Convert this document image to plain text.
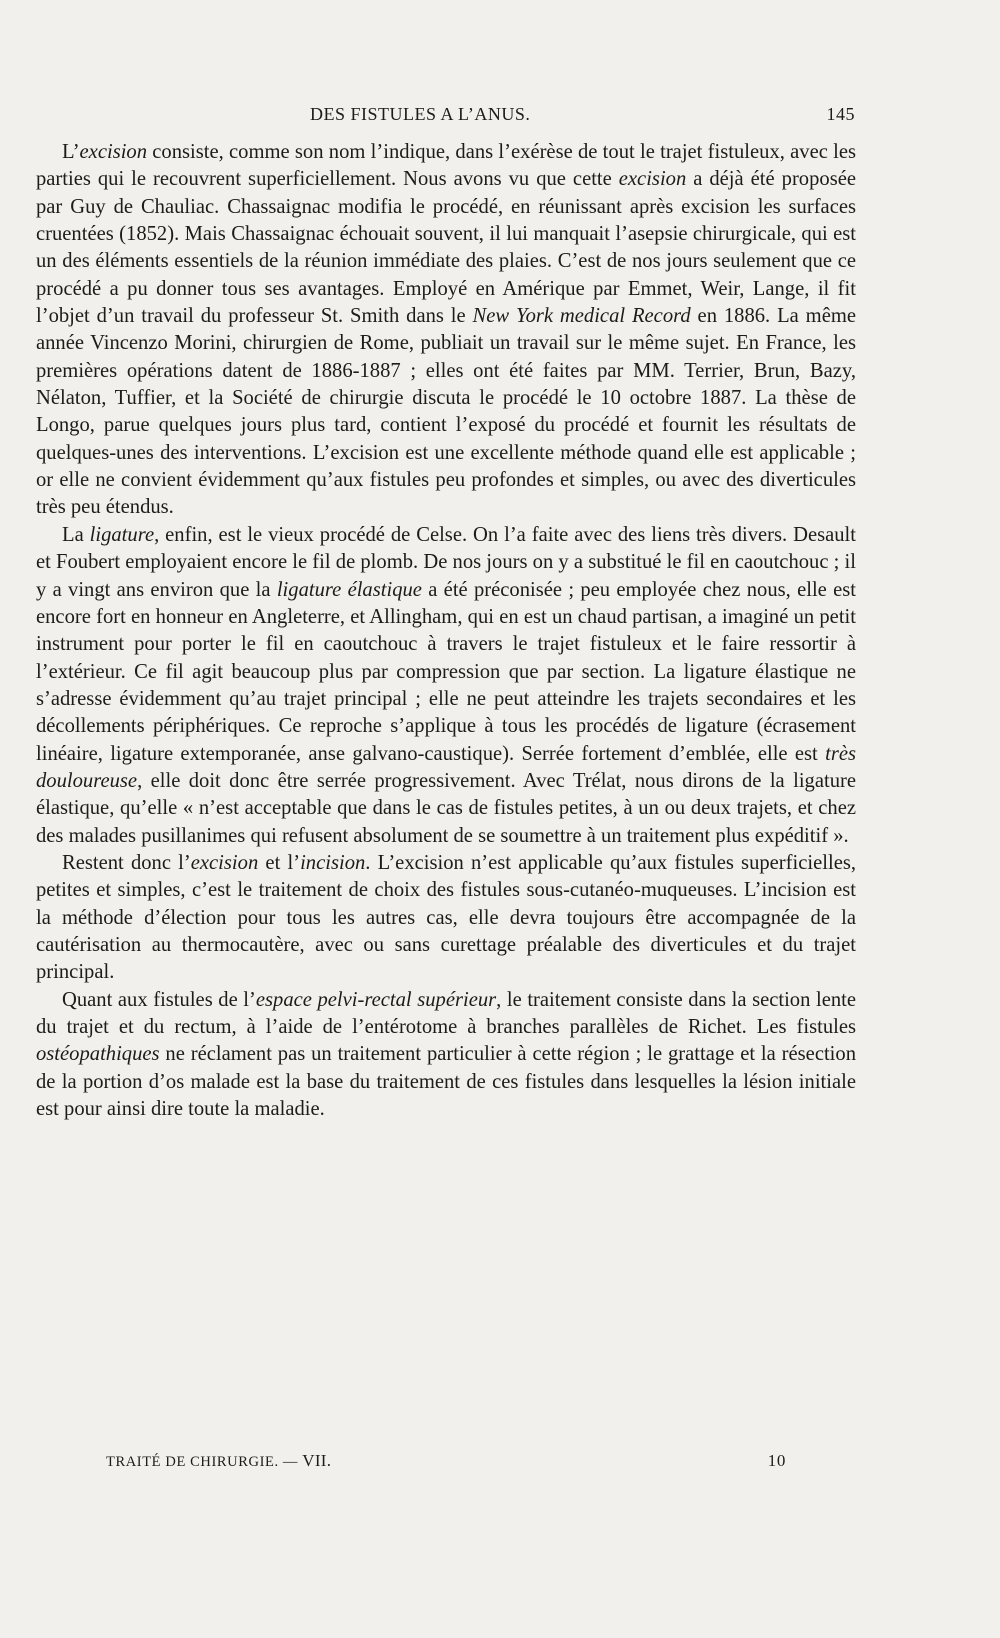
DES FISTULES A L’ANUS.	145

L’excision consiste, comme son nom l’indique, dans l’exérèse de tout le trajet fistuleux, avec les parties qui le recouvrent superficiellement. Nous avons vu que cette excision a déjà été proposée par Guy de Chauliac. Chassaignac modifia le procédé, en réunissant après excision les surfaces cruentées (1852). Mais Chassaignac échouait souvent, il lui manquait l’asepsie chirurgicale, qui est un des éléments essentiels de la réunion immédiate des plaies. C’est de nos jours seulement que ce procédé a pu donner tous ses avantages. Employé en Amérique par Emmet, Weir, Lange, il fit l’objet d’un travail du professeur St. Smith dans le New York medical Record en 1886. La même année Vincenzo Morini, chirurgien de Rome, publiait un travail sur le même sujet. En France, les premières opérations datent de 1886-1887 ; elles ont été faites par MM. Terrier, Brun, Bazy, Nélaton, Tuffier, et la Société de chirurgie discuta le procédé le 10 octobre 1887. La thèse de Longo, parue quelques jours plus tard, contient l’exposé du procédé et fournit les résultats de quelques-unes des interventions. L’excision est une excellente méthode quand elle est applicable ; or elle ne convient évidemment qu’aux fistules peu profondes et simples, ou avec des diverticules très peu étendus.

La ligature, enfin, est le vieux procédé de Celse. On l’a faite avec des liens très divers. Desault et Foubert employaient encore le fil de plomb. De nos jours on y a substitué le fil en caoutchouc ; il y a vingt ans environ que la ligature élastique a été préconisée ; peu employée chez nous, elle est encore fort en honneur en Angleterre, et Allingham, qui en est un chaud partisan, a imaginé un petit instrument pour porter le fil en caoutchouc à travers le trajet fistuleux et le faire ressortir à l’extérieur. Ce fil agit beaucoup plus par compression que par section. La ligature élastique ne s’adresse évidemment qu’au trajet principal ; elle ne peut atteindre les trajets secondaires et les décollements périphériques. Ce reproche s’applique à tous les procédés de ligature (écrasement linéaire, ligature extemporanée, anse galvano-caustique). Serrée fortement d’emblée, elle est très douloureuse, elle doit donc être serrée progressivement. Avec Trélat, nous dirons de la ligature élastique, qu’elle « n’est acceptable que dans le cas de fistules petites, à un ou deux trajets, et chez des malades pusillanimes qui refusent absolument de se soumettre à un traitement plus expéditif ».

Restent donc l’excision et l’incision. L’excision n’est applicable qu’aux fistules superficielles, petites et simples, c’est le traitement de choix des fistules sous-cutanéo-muqueuses. L’incision est la méthode d’élection pour tous les autres cas, elle devra toujours être accompagnée de la cautérisation au thermocautère, avec ou sans curettage préalable des diverticules et du trajet principal.

Quant aux fistules de l’espace pelvi-rectal supérieur, le traitement consiste dans la section lente du trajet et du rectum, à l’aide de l’entérotome à branches parallèles de Richet. Les fistules ostéopathiques ne réclament pas un traitement particulier à cette région ; le grattage et la résection de la portion d’os malade est la base du traitement de ces fistules dans lesquelles la lésion initiale est pour ainsi dire toute la maladie.

TRAITÉ DE CHIRURGIE. — VII.	10
